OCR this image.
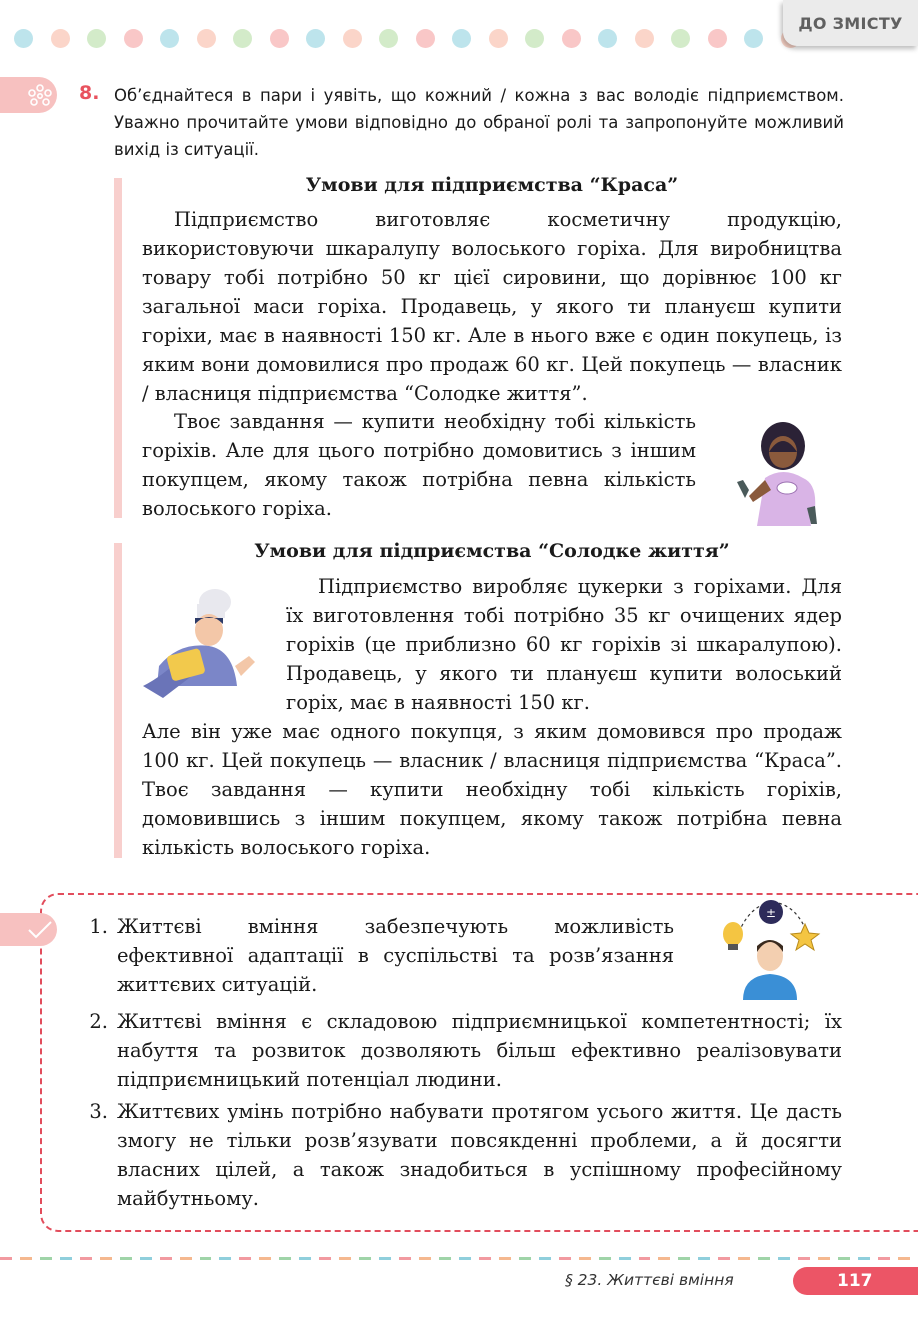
ДО ЗМІСТУ
8. Об’єднайтеся в пари і уявіть, що кожний / кожна з вас володіє підприємством. Уважно прочитайте умови відповідно до обраної ролі та запропонуйте можливий вихід із ситуації.
Умови для підприємства “Краса”
Підприємство виготовляє косметичну продукцію, використовуючи шкаралупу волоського горіха. Для виробництва товару тобі потрібно 50 кг цієї сировини, що дорівнює 100 кг загальної маси горіха. Продавець, у якого ти плануєш купити горіхи, має в наявності 150 кг. Але в нього вже є один покупець, із яким вони домовилися про продаж 60 кг. Цей покупець — власник / власниця підприємства “Солодке життя”.
Твоє завдання — купити необхідну тобі кількість горіхів. Але для цього потрібно домовитись з іншим покупцем, якому також потрібна певна кількість волоського горіха.
Умови для підприємства “Солодке життя”
Підприємство виробляє цукерки з горіхами. Для їх виготовлення тобі потрібно 35 кг очищених ядер горіхів (це приблизно 60 кг горіхів зі шкаралупою). Продавець, у якого ти плануєш купити волоський горіх, має в наявності 150 кг.
Але він уже має одного покупця, з яким домовився про продаж 100 кг. Цей покупець — власник / власниця підприємства “Краса”. Твоє завдання — купити необхідну тобі кількість горіхів, домовившись з іншим покупцем, якому також потрібна певна кількість волоського горіха.
1. Життєві вміння забезпечують можливість ефективної адаптації в суспільстві та розв’язання життєвих ситуацій.
2. Життєві вміння є складовою підприємницької компетентності; їх набуття та розвиток дозволяють більш ефективно реалізовувати підприємницький потенціал людини.
3. Життєвих умінь потрібно набувати протягом усього життя. Це дасть змогу не тільки розв’язувати повсякденні проблеми, а й досягти власних цілей, а також знадобиться в успішному професійному майбутньому.
±
§ 23. Життєві вміння	117
